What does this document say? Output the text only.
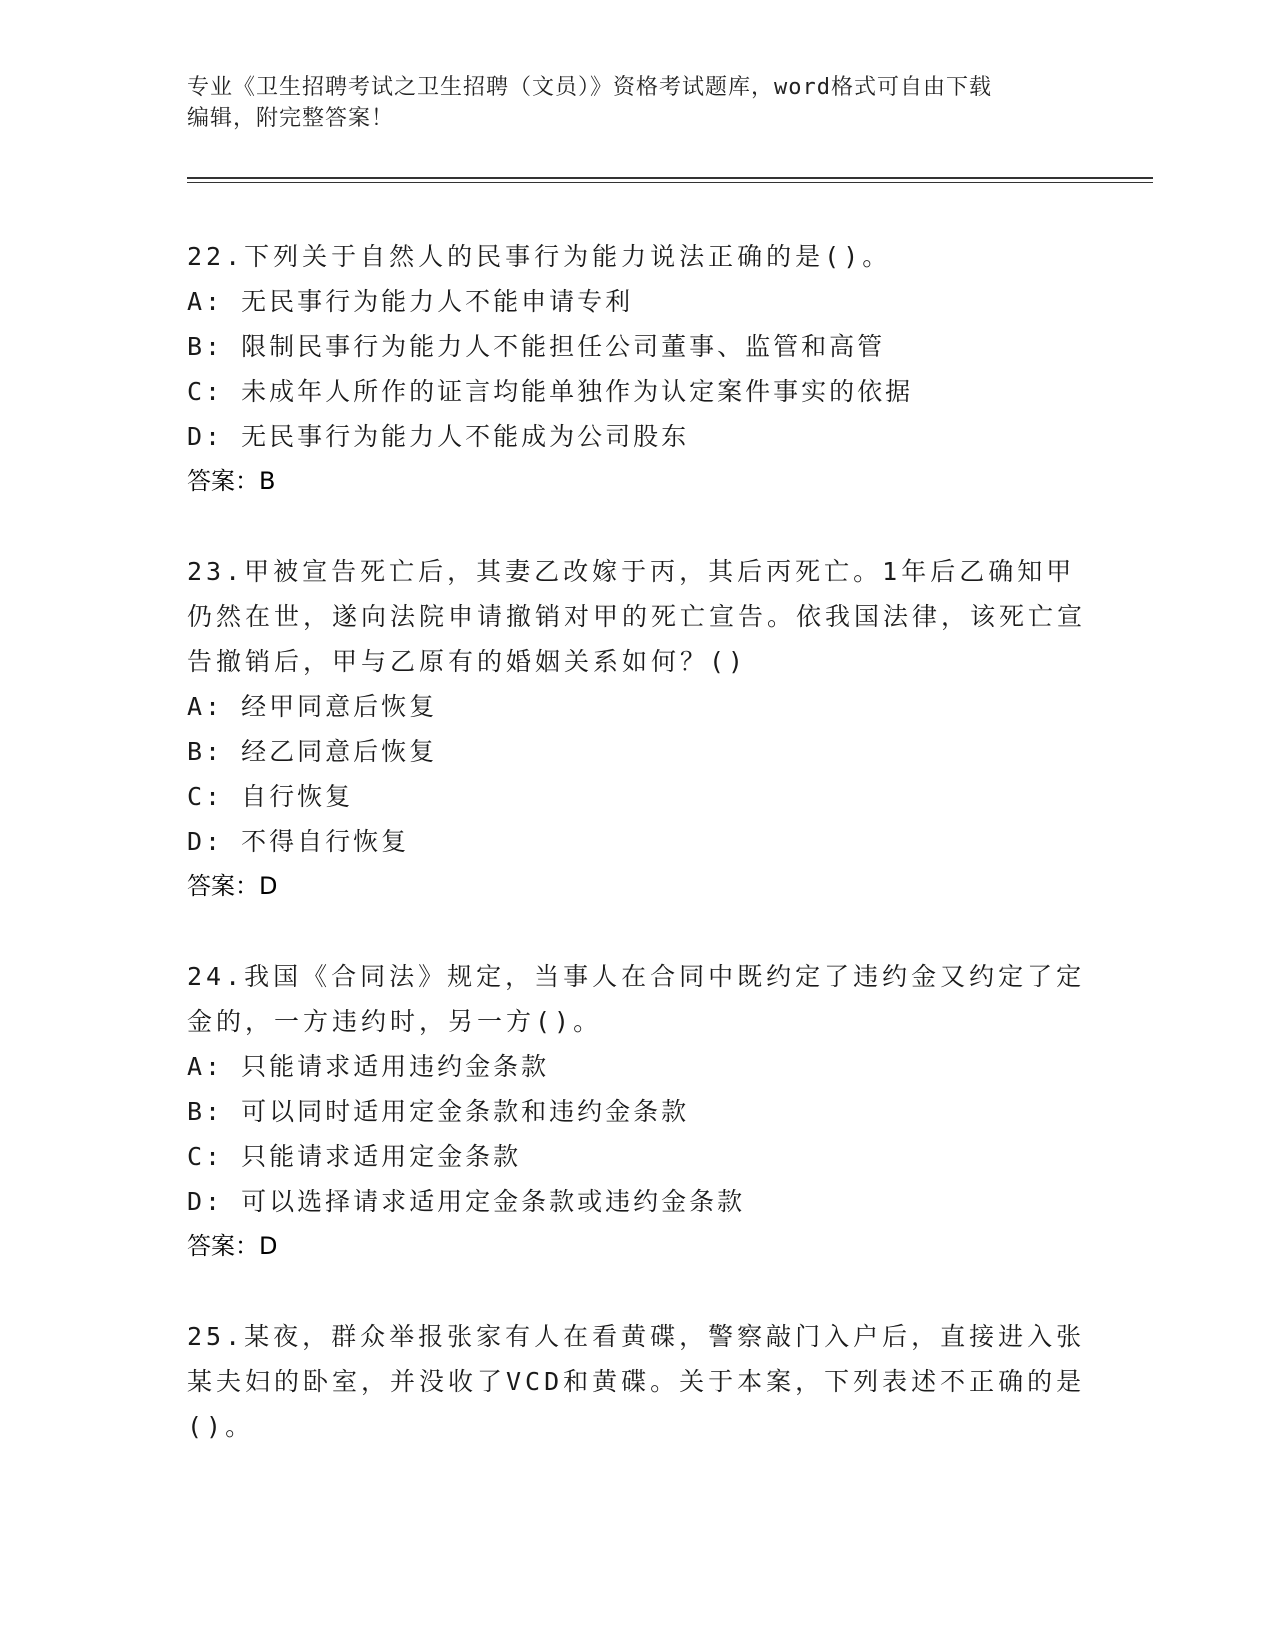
专业《卫生招聘考试之卫生招聘（文员）》资格考试题库，word格式可自由下载
编辑，附完整答案！

22.下列关于自然人的民事行为能力说法正确的是()。

A: 无民事行为能力人不能申请专利

B: 限制民事行为能力人不能担任公司董事、监管和高管

C: 未成年人所作的证言均能单独作为认定案件事实的依据

D: 无民事行为能力人不能成为公司股东

答案：B

23.甲被宣告死亡后，其妻乙改嫁于丙，其后丙死亡。1年后乙确知甲仍然在世，遂向法院申请撤销对甲的死亡宣告。依我国法律，该死亡宣告撤销后，甲与乙原有的婚姻关系如何？()

A: 经甲同意后恢复

B: 经乙同意后恢复

C: 自行恢复

D: 不得自行恢复

答案：D

24.我国《合同法》规定，当事人在合同中既约定了违约金又约定了定金的，一方违约时，另一方()。

A: 只能请求适用违约金条款

B: 可以同时适用定金条款和违约金条款

C: 只能请求适用定金条款

D: 可以选择请求适用定金条款或违约金条款

答案：D

25.某夜，群众举报张家有人在看黄碟，警察敲门入户后，直接进入张某夫妇的卧室，并没收了VCD和黄碟。关于本案，下列表述不正确的是()。
